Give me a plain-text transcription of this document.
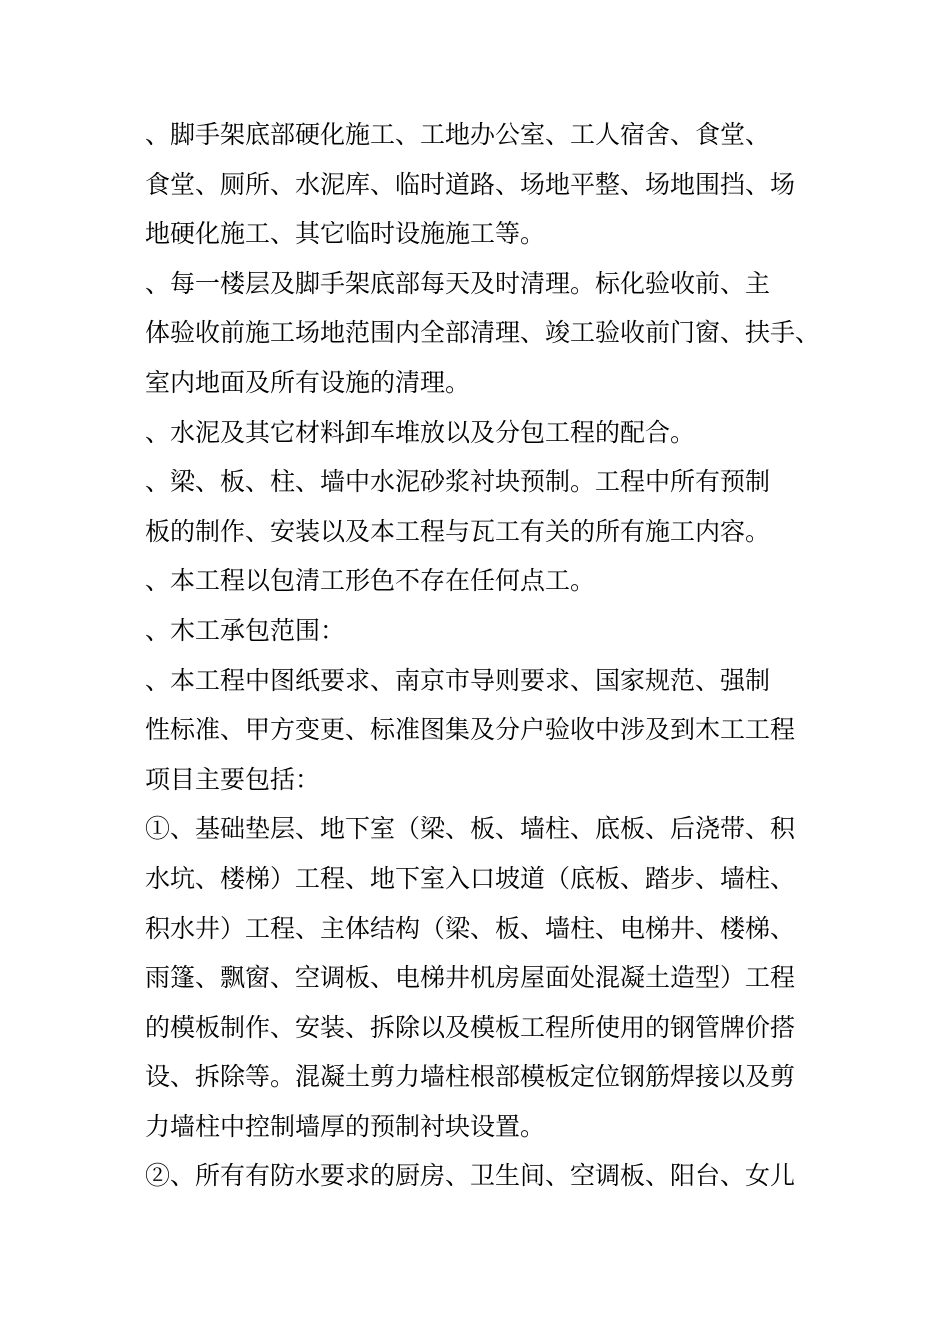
、脚手架底部硬化施工、工地办公室、工人宿舍、食堂、
食堂、厕所、水泥库、临时道路、场地平整、场地围挡、场
地硬化施工、其它临时设施施工等。
、每一楼层及脚手架底部每天及时清理。标化验收前、主
体验收前施工场地范围内全部清理、竣工验收前门窗、扶手、
室内地面及所有设施的清理。
、水泥及其它材料卸车堆放以及分包工程的配合。
、梁、板、柱、墙中水泥砂浆衬块预制。工程中所有预制
板的制作、安装以及本工程与瓦工有关的所有施工内容。
、本工程以包清工形色不存在任何点工。
、木工承包范围：
、本工程中图纸要求、南京市导则要求、国家规范、强制
性标准、甲方变更、标准图集及分户验收中涉及到木工工程
项目主要包括：
①、基础垫层、地下室（梁、板、墙柱、底板、后浇带、积
水坑、楼梯）工程、地下室入口坡道（底板、踏步、墙柱、
积水井）工程、主体结构（梁、板、墙柱、电梯井、楼梯、
雨篷、飘窗、空调板、电梯井机房屋面处混凝土造型）工程
的模板制作、安装、拆除以及模板工程所使用的钢管牌价搭
设、拆除等。混凝土剪力墙柱根部模板定位钢筋焊接以及剪
力墙柱中控制墙厚的预制衬块设置。
②、所有有防水要求的厨房、卫生间、空调板、阳台、女儿
